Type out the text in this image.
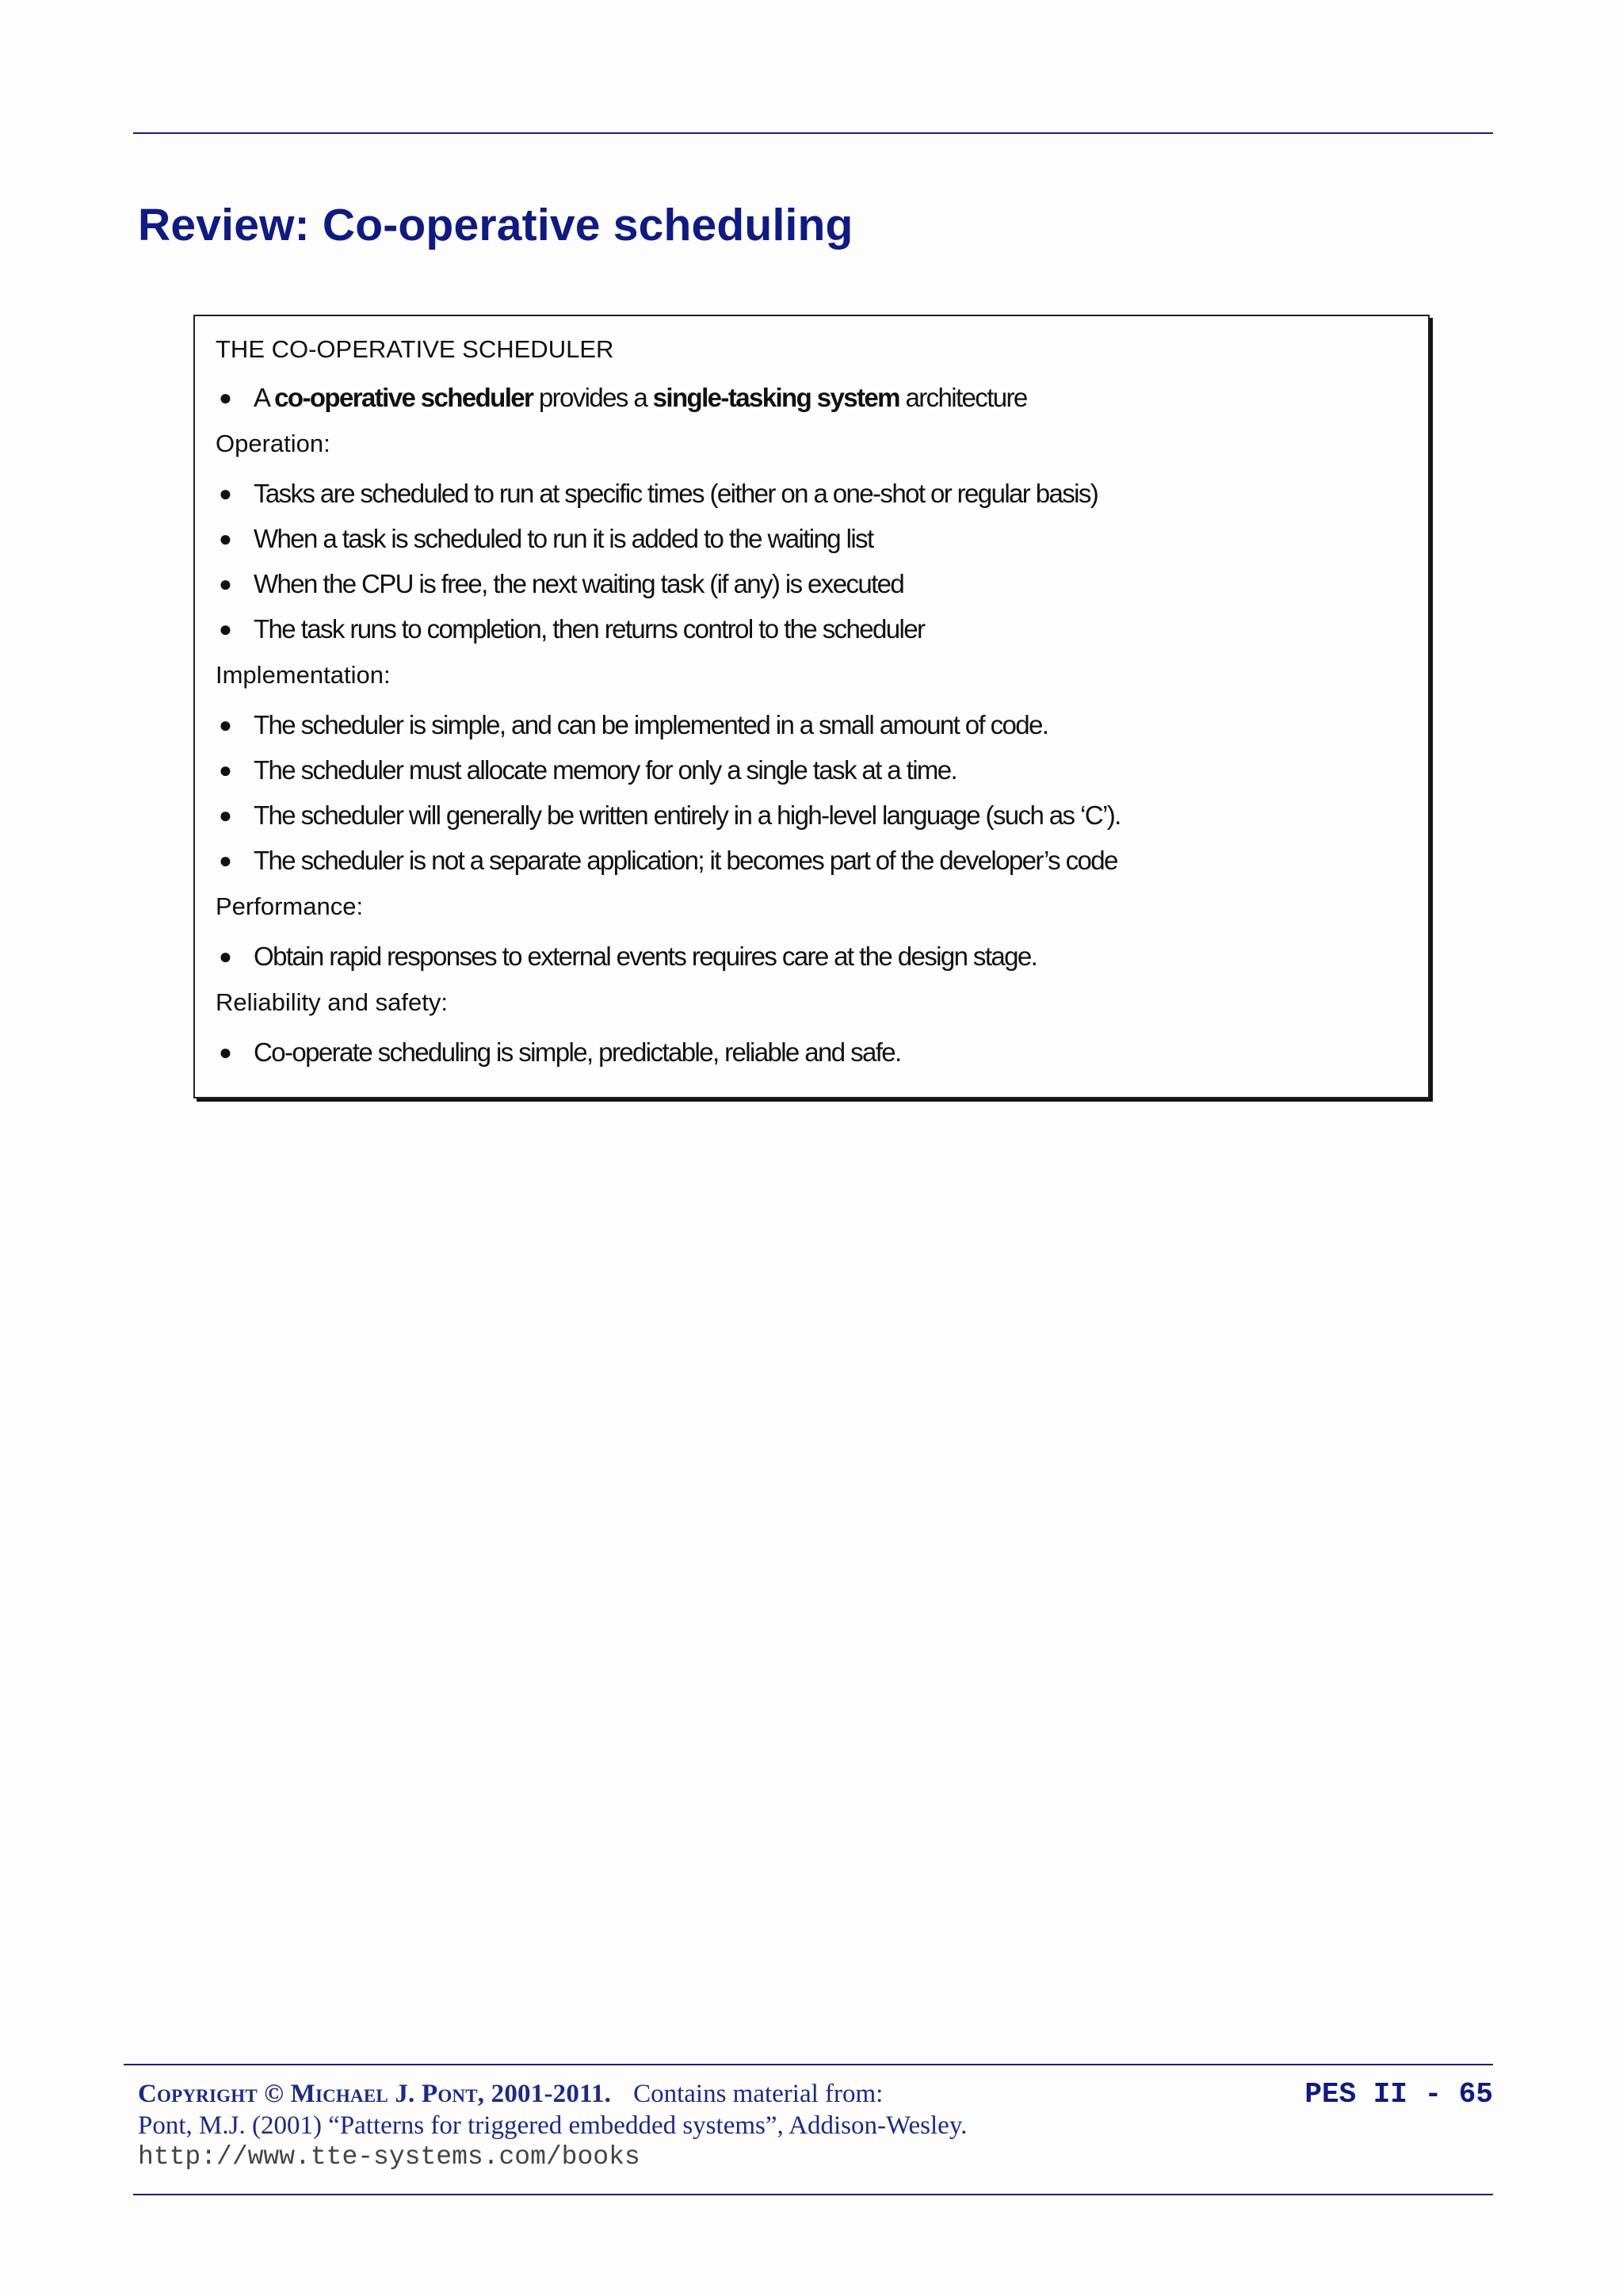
Review: Co-operative scheduling
THE CO-OPERATIVE SCHEDULER
● A co-operative scheduler provides a single-tasking system architecture
Operation:
● Tasks are scheduled to run at specific times (either on a one-shot or regular basis)
● When a task is scheduled to run it is added to the waiting list
● When the CPU is free, the next waiting task (if any) is executed
● The task runs to completion, then returns control to the scheduler
Implementation:
● The scheduler is simple, and can be implemented in a small amount of code.
● The scheduler must allocate memory for only a single task at a time.
● The scheduler will generally be written entirely in a high-level language (such as ‘C’).
● The scheduler is not a separate application; it becomes part of the developer’s code
Performance:
● Obtain rapid responses to external events requires care at the design stage.
Reliability and safety:
● Co-operate scheduling is simple, predictable, reliable and safe.
Copyright © Michael J. Pont, 2001-2011. Contains material from:
Pont, M.J. (2001) “Patterns for triggered embedded systems”, Addison-Wesley.
http://www.tte-systems.com/books
PES II - 65
